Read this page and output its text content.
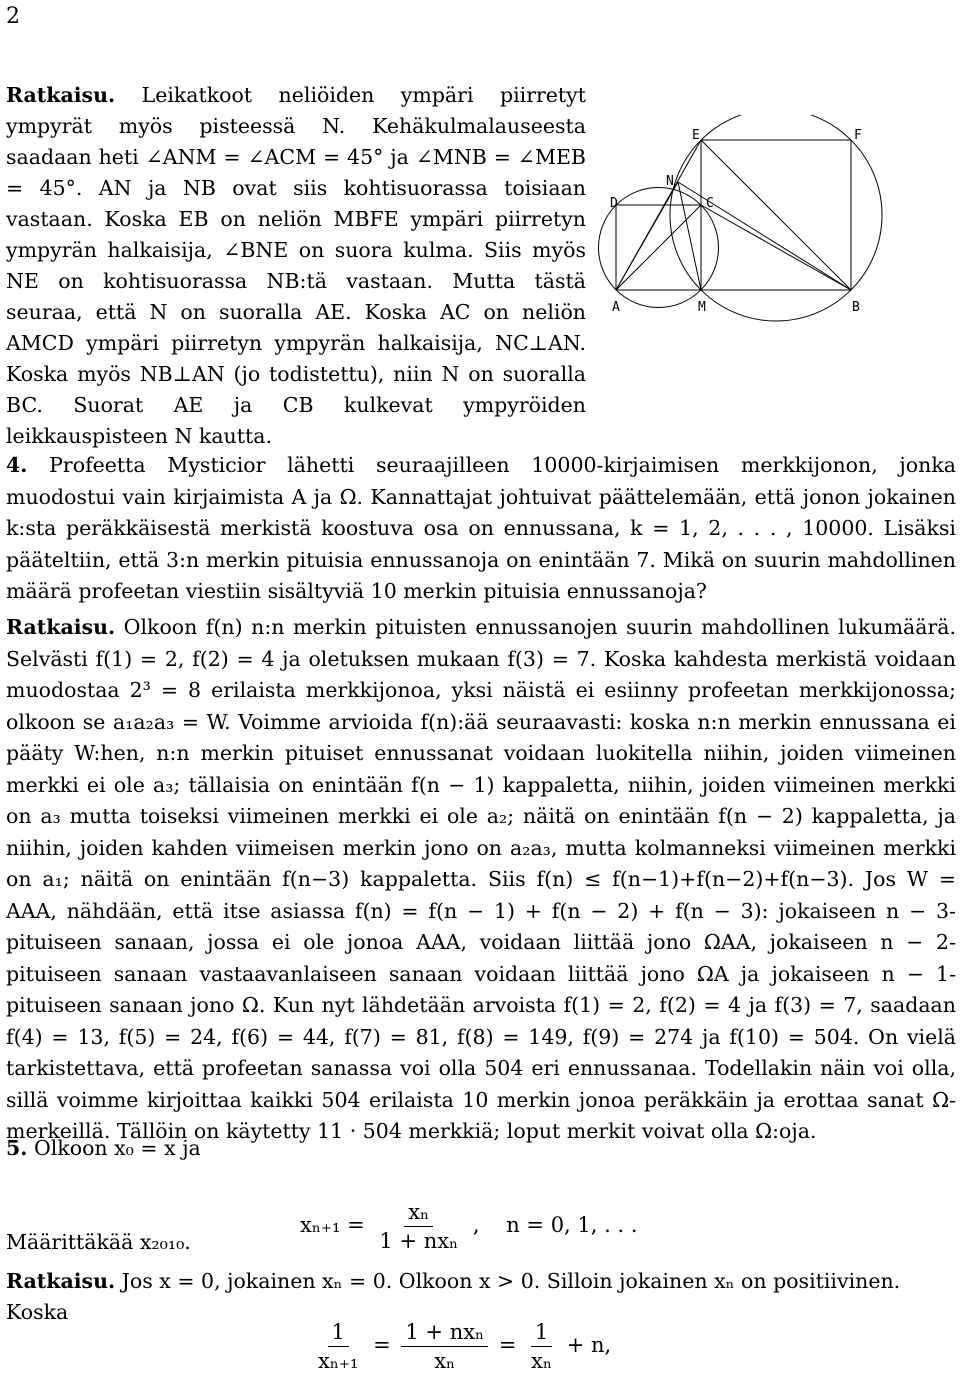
2

Ratkaisu. Leikatkoot neliöiden ympäri piirretyt ympyrät myös pisteessä N. Kehäkulmalauseesta saadaan heti ∠ANM = ∠ACM = 45° ja ∠MNB = ∠MEB = 45°. AN ja NB ovat siis kohtisuorassa toisiaan vastaan. Koska EB on neliön MBFE ympäri piirretyn ympyrän halkaisija, ∠BNE on suora kulma. Siis myös NE on kohtisuorassa NB:tä vastaan. Mutta tästä seuraa, että N on suoralla AE. Koska AC on neliön AMCD ympäri piirretyn ympyrän halkaisija, NC⊥AN. Koska myös NB⊥AN (jo todistettu), niin N on suoralla BC. Suorat AE ja CB kulkevat ympyröiden leikkauspisteen N kautta.

A	M	B
D	C
E	F
N

4. Profeetta Mysticior lähetti seuraajilleen 10000-kirjaimisen merkkijonon, jonka muodostui vain kirjaimista A ja Ω. Kannattajat johtuivat päättelemään, että jonon jokainen k:sta peräkkäisestä merkistä koostuva osa on ennussana, k = 1, 2, . . . , 10000. Lisäksi pääteltiin, että 3:n merkin pituisia ennussanoja on enintään 7. Mikä on suurin mahdollinen määrä profeetan viestiin sisältyviä 10 merkin pituisia ennussanoja?

Ratkaisu. Olkoon f(n) n:n merkin pituisten ennussanojen suurin mahdollinen lukumäärä. Selvästi f(1) = 2, f(2) = 4 ja oletuksen mukaan f(3) = 7. Koska kahdesta merkistä voidaan muodostaa 2³ = 8 erilaista merkkijonoa, yksi näistä ei esiinny profeetan merkkijonossa; olkoon se a₁a₂a₃ = W. Voimme arvioida f(n):ää seuraavasti: koska n:n merkin ennussana ei pääty W:hen, n:n merkin pituiset ennussanat voidaan luokitella niihin, joiden viimeinen merkki ei ole a₃; tällaisia on enintään f(n − 1) kappaletta, niihin, joiden viimeinen merkki on a₃ mutta toiseksi viimeinen merkki ei ole a₂; näitä on enintään f(n − 2) kappaletta, ja niihin, joiden kahden viimeisen merkin jono on a₂a₃, mutta kolmanneksi viimeinen merkki on a₁; näitä on enintään f(n−3) kappaletta. Siis f(n) ≤ f(n−1)+f(n−2)+f(n−3). Jos W = AAA, nähdään, että itse asiassa f(n) = f(n − 1) + f(n − 2) + f(n − 3): jokaiseen n − 3-pituiseen sanaan, jossa ei ole jonoa AAA, voidaan liittää jono ΩAA, jokaiseen n − 2-pituiseen sanaan vastaavanlaiseen sanaan voidaan liittää jono ΩA ja jokaiseen n − 1-pituiseen sanaan jono Ω. Kun nyt lähdetään arvoista f(1) = 2, f(2) = 4 ja f(3) = 7, saadaan f(4) = 13, f(5) = 24, f(6) = 44, f(7) = 81, f(8) = 149, f(9) = 274 ja f(10) = 504. On vielä tarkistettava, että profeetan sanassa voi olla 504 eri ennussanaa. Todellakin näin voi olla, sillä voimme kirjoittaa kaikki 504 erilaista 10 merkin jonoa peräkkäin ja erottaa sanat Ω-merkeillä. Tällöin on käytetty 11 · 504 merkkiä; loput merkit voivat olla Ω:oja.

5. Olkoon x₀ = x ja
$x_{n+1} = \frac{\text{xₙ}}{\text{1 + nxₙ}}$ ,    n = 0, 1, . . .
Määrittäkää x₂₀₁₀.
Ratkaisu. Jos x = 0, jokainen xₙ = 0. Olkoon x > 0. Silloin jokainen xₙ on positiivinen. Koska
$\frac{1}{\text{xₙ₊₁}} = \frac{\text{1 + nxₙ}}{\text{xₙ}} = \frac{1}{\text{xₙ}} + n$,
